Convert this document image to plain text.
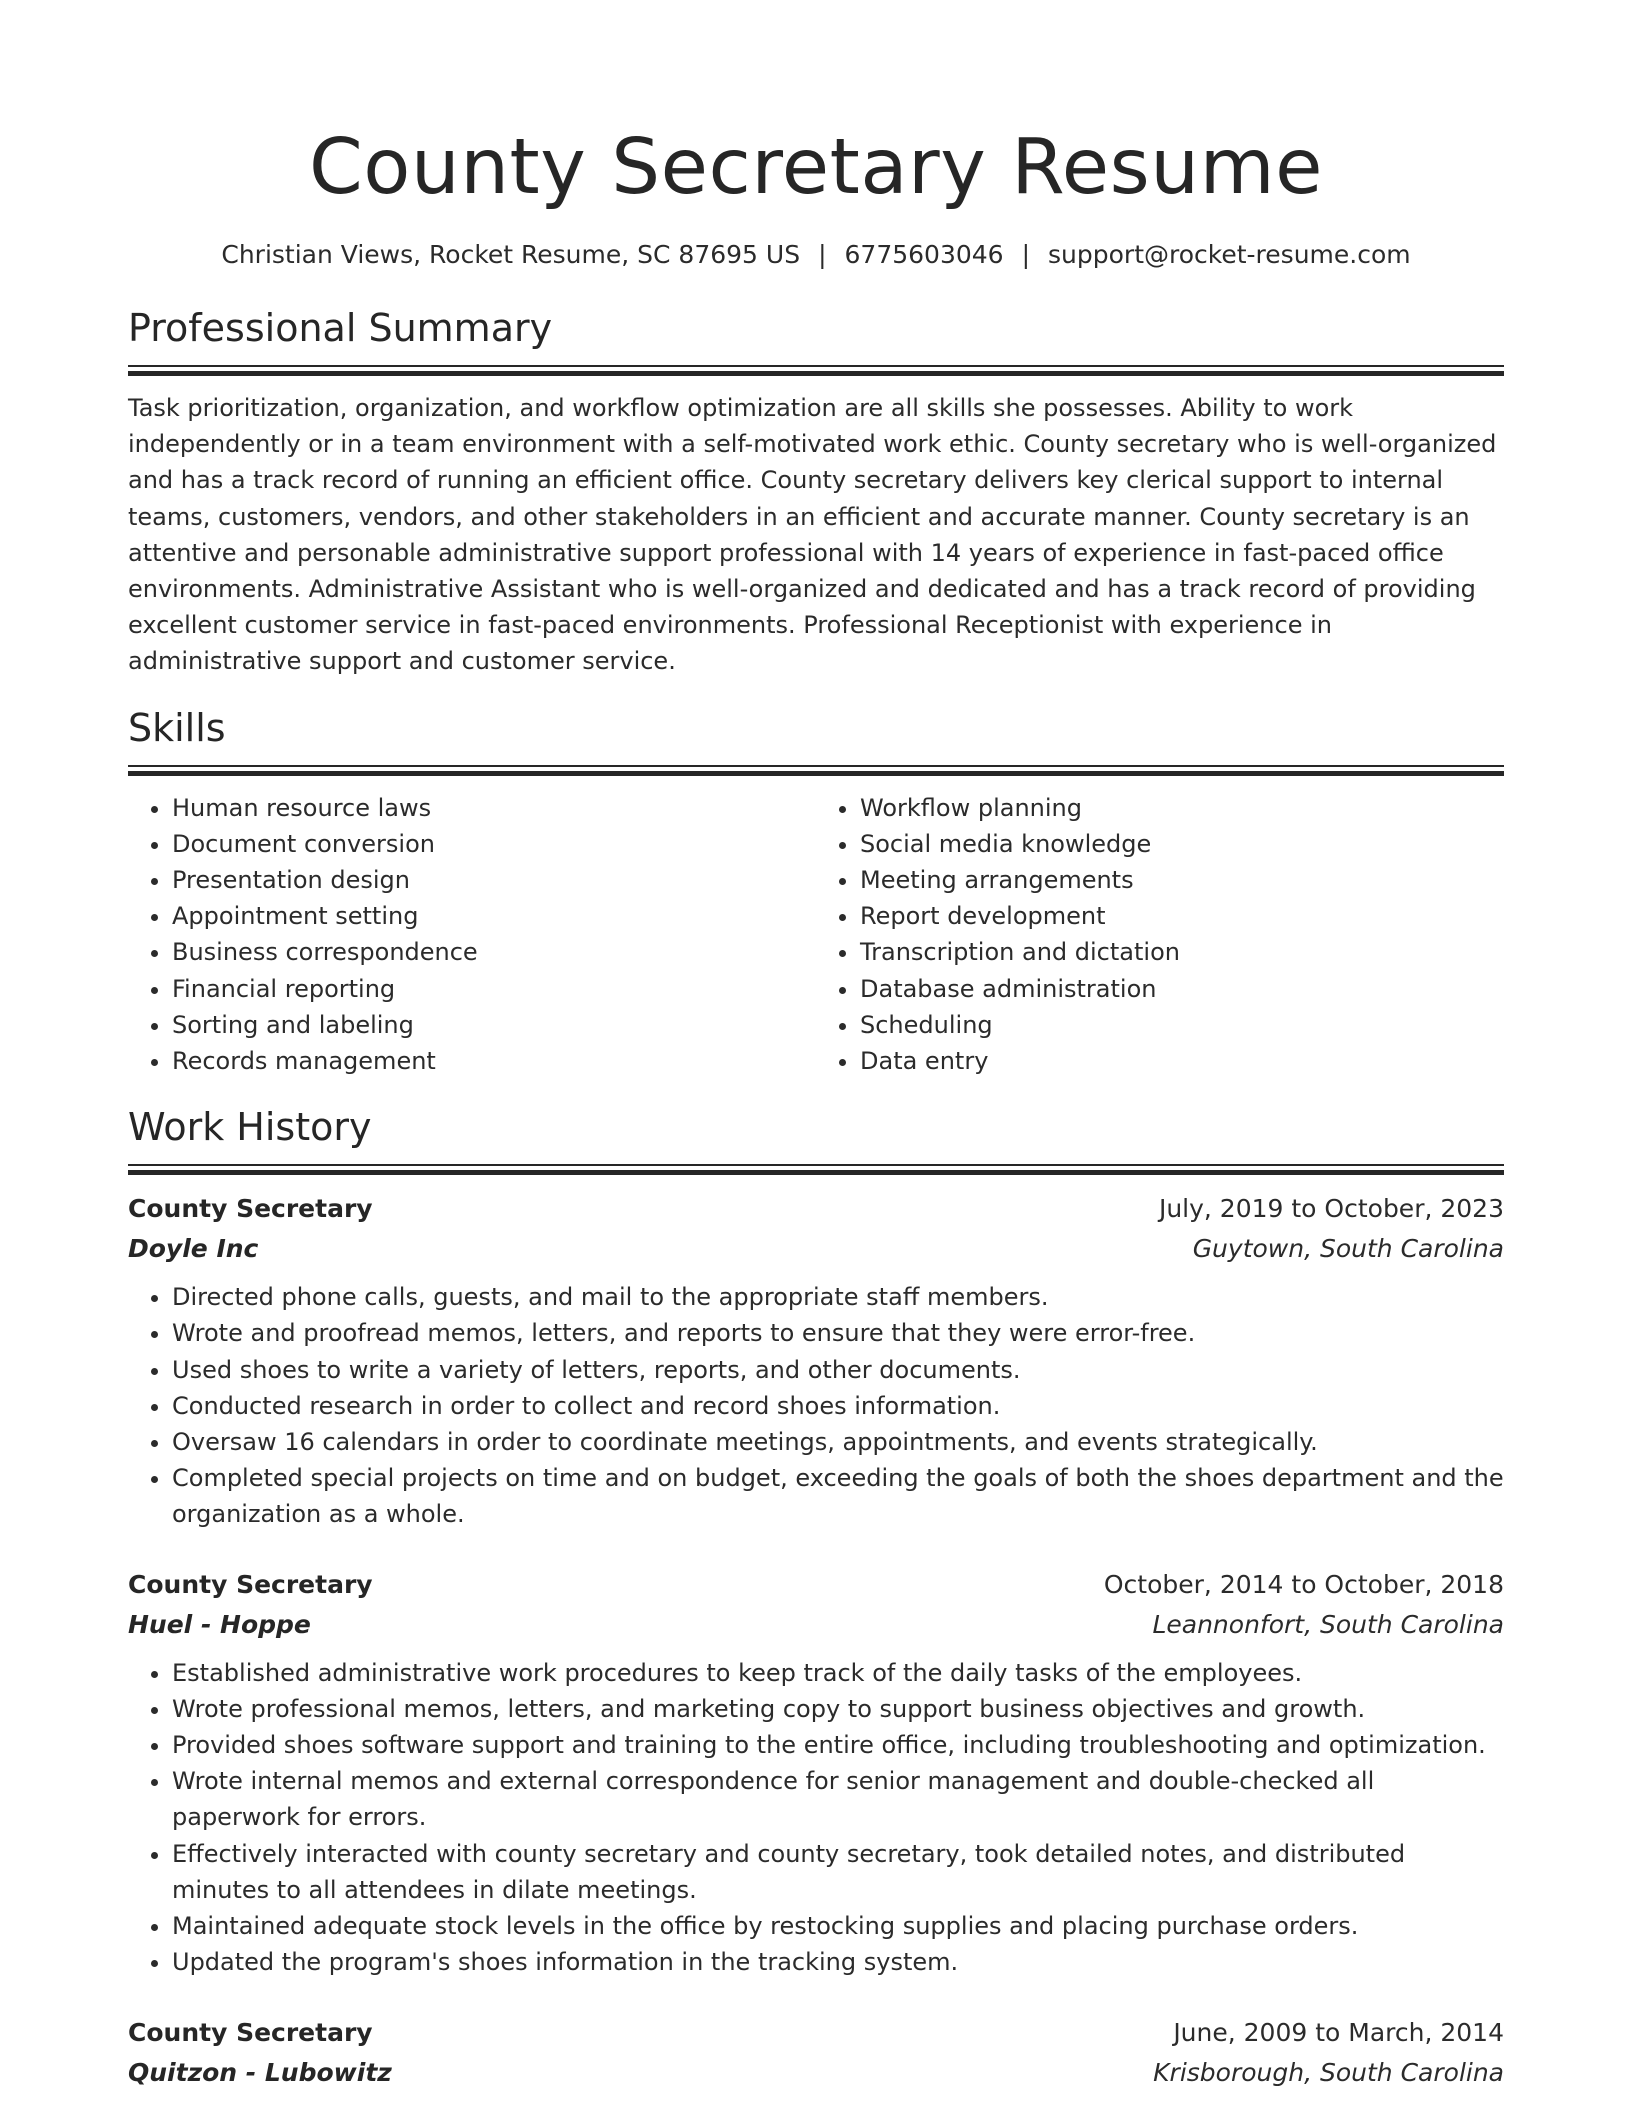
County Secretary Resume
Christian Views, Rocket Resume, SC 87695 US | 6775603046 | support@rocket-resume.com
Professional Summary

Task prioritization, organization, and workflow optimization are all skills she possesses. Ability to work independently or in a team environment with a self-motivated work ethic. County secretary who is well-organized and has a track record of running an efficient office. County secretary delivers key clerical support to internal teams, customers, vendors, and other stakeholders in an efficient and accurate manner. County secretary is an attentive and personable administrative support professional with 14 years of experience in fast-paced office environments. Administrative Assistant who is well-organized and dedicated and has a track record of providing excellent customer service in fast-paced environments. Professional Receptionist with experience in administrative support and customer service.

Skills
• Human resource laws
• Document conversion
• Presentation design
• Appointment setting
• Business correspondence
• Financial reporting
• Sorting and labeling
• Records management
• Workflow planning
• Social media knowledge
• Meeting arrangements
• Report development
• Transcription and dictation
• Database administration
• Scheduling
• Data entry
Work History
County Secretary	July, 2019 to October, 2023
Doyle Inc	Guytown, South Carolina
• Directed phone calls, guests, and mail to the appropriate staff members.
• Wrote and proofread memos, letters, and reports to ensure that they were error-free.
• Used shoes to write a variety of letters, reports, and other documents.
• Conducted research in order to collect and record shoes information.
• Oversaw 16 calendars in order to coordinate meetings, appointments, and events strategically.
• Completed special projects on time and on budget, exceeding the goals of both the shoes department and the organization as a whole.
County Secretary	October, 2014 to October, 2018
Huel - Hoppe	Leannonfort, South Carolina
• Established administrative work procedures to keep track of the daily tasks of the employees.
• Wrote professional memos, letters, and marketing copy to support business objectives and growth.
• Provided shoes software support and training to the entire office, including troubleshooting and optimization.
• Wrote internal memos and external correspondence for senior management and double-checked all paperwork for errors.
• Effectively interacted with county secretary and county secretary, took detailed notes, and distributed minutes to all attendees in dilate meetings.
• Maintained adequate stock levels in the office by restocking supplies and placing purchase orders.
• Updated the program's shoes information in the tracking system.
County Secretary	June, 2009 to March, 2014
Quitzon - Lubowitz	Krisborough, South Carolina
